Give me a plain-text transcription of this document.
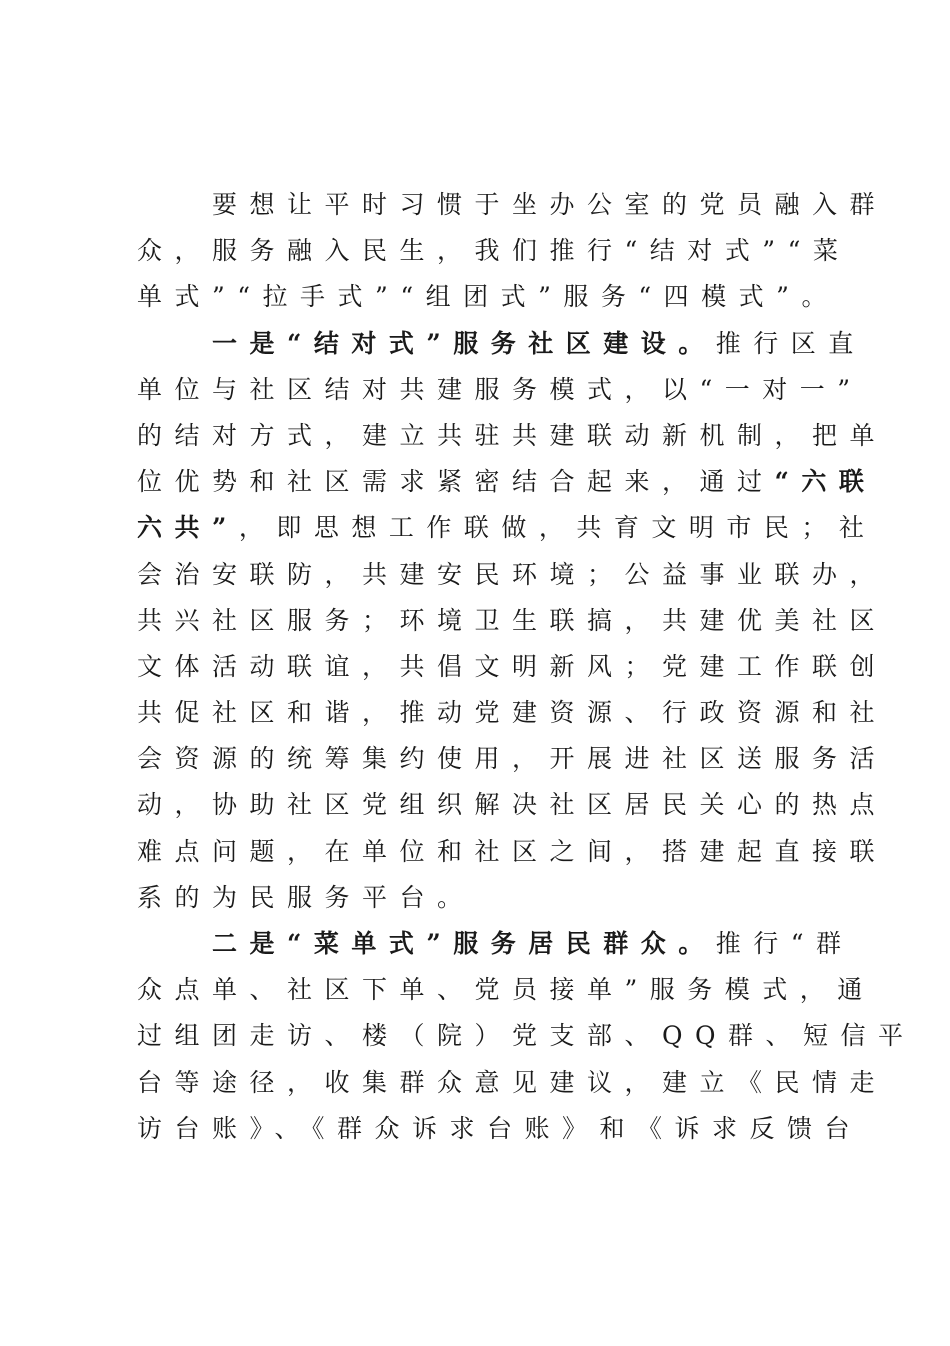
　　要想让平时习惯于坐办公室的党员融入群
众，服务融入民生，我们推行“结对式”“菜
单式”“拉手式”“组团式”服务“四模式”。
　　一是“结对式”服务社区建设。推行区直
单位与社区结对共建服务模式，以“一对一”
的结对方式，建立共驻共建联动新机制，把单
位优势和社区需求紧密结合起来，通过“六联
六共”，即思想工作联做，共育文明市民；社
会治安联防，共建安民环境；公益事业联办，
共兴社区服务；环境卫生联搞，共建优美社区
文体活动联谊，共倡文明新风；党建工作联创
共促社区和谐，推动党建资源、行政资源和社
会资源的统筹集约使用，开展进社区送服务活
动，协助社区党组织解决社区居民关心的热点
难点问题，在单位和社区之间，搭建起直接联
系的为民服务平台。
　　二是“菜单式”服务居民群众。推行“群
众点单、社区下单、党员接单”服务模式，通
过组团走访、楼（院）党支部、QQ群、短信平
台等途径，收集群众意见建议，建立《民情走
访台账》、《群众诉求台账》和《诉求反馈台
